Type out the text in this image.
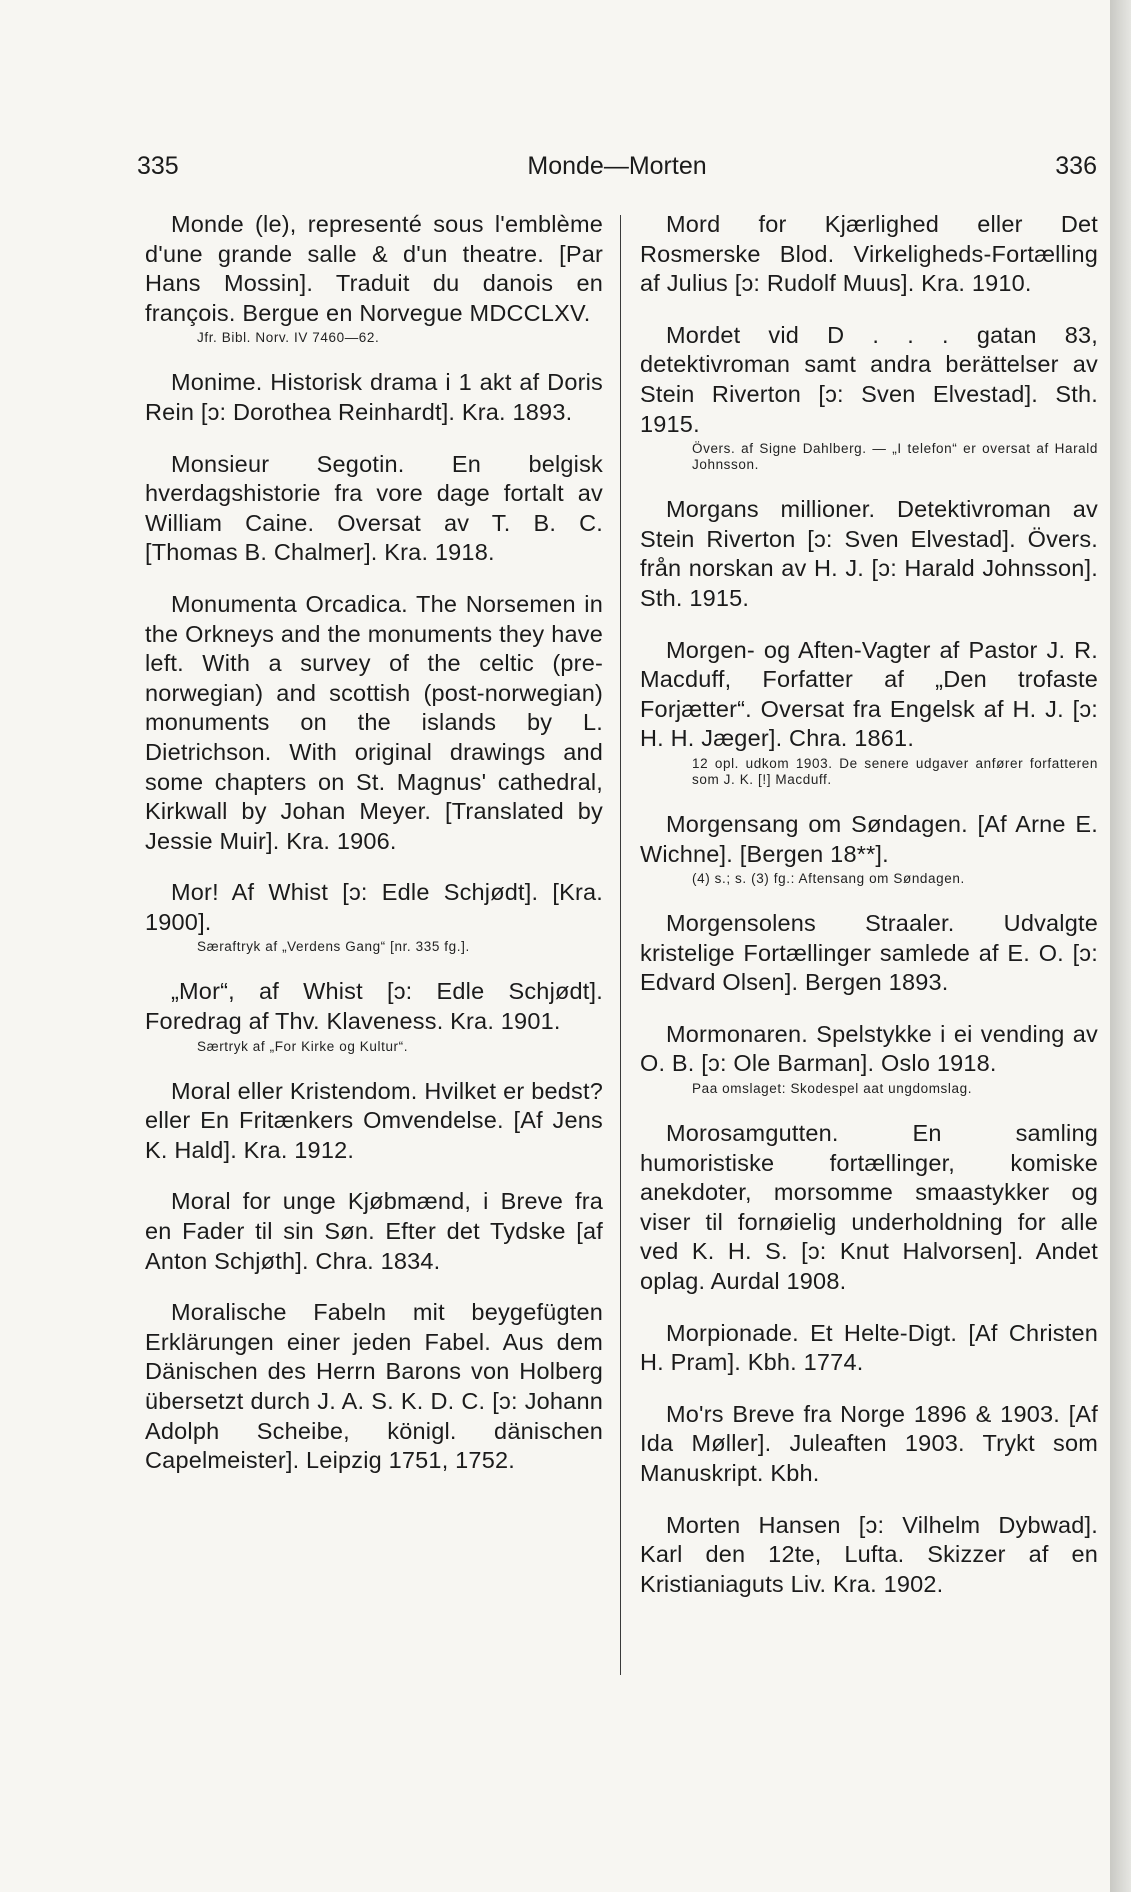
335	Monde—Morten	336

Monde (le), representé sous l'emblème d'une grande salle & d'un theatre. [Par Hans Mossin]. Traduit du danois en françois. Bergue en Norvegue MDCCLXV.
Jfr. Bibl. Norv. IV 7460—62.

Monime. Historisk drama i 1 akt af Doris Rein [ɔ: Dorothea Reinhardt]. Kra. 1893.

Monsieur Segotin. En belgisk hverdagshistorie fra vore dage fortalt av William Caine. Oversat av T. B. C. [Thomas B. Chalmer]. Kra. 1918.

Monumenta Orcadica. The Norsemen in the Orkneys and the monuments they have left. With a survey of the celtic (pre-norwegian) and scottish (post-norwegian) monuments on the islands by L. Dietrichson. With original drawings and some chapters on St. Magnus' cathedral, Kirkwall by Johan Meyer. [Translated by Jessie Muir]. Kra. 1906.

Mor! Af Whist [ɔ: Edle Schjødt]. [Kra. 1900].
Særaftryk af „Verdens Gang“ [nr. 335 fg.].

„Mor“, af Whist [ɔ: Edle Schjødt]. Foredrag af Thv. Klaveness. Kra. 1901.
Særtryk af „For Kirke og Kultur“.

Moral eller Kristendom. Hvilket er bedst? eller En Fritænkers Omvendelse. [Af Jens K. Hald]. Kra. 1912.

Moral for unge Kjøbmænd, i Breve fra en Fader til sin Søn. Efter det Tydske [af Anton Schjøth]. Chra. 1834.

Moralische Fabeln mit beygefügten Erklärungen einer jeden Fabel. Aus dem Dänischen des Herrn Barons von Holberg übersetzt durch J. A. S. K. D. C. [ɔ: Johann Adolph Scheibe, königl. dänischen Capelmeister]. Leipzig 1751, 1752.

Mord for Kjærlighed eller Det Rosmerske Blod. Virkeligheds-Fortælling af Julius [ɔ: Rudolf Muus]. Kra. 1910.

Mordet vid D . . . gatan 83, detektivroman samt andra berättelser av Stein Riverton [ɔ: Sven Elvestad]. Sth. 1915.
Övers. af Signe Dahlberg. — „I telefon“ er oversat af Harald Johnsson.

Morgans millioner. Detektivroman av Stein Riverton [ɔ: Sven Elvestad]. Övers. från norskan av H. J. [ɔ: Harald Johnsson]. Sth. 1915.

Morgen- og Aften-Vagter af Pastor J. R. Macduff, Forfatter af „Den trofaste Forjætter“. Oversat fra Engelsk af H. J. [ɔ: H. H. Jæger]. Chra. 1861.
12 opl. udkom 1903. De senere udgaver anfører forfatteren som J. K. [!] Macduff.

Morgensang om Søndagen. [Af Arne E. Wichne]. [Bergen 18**].
(4) s.; s. (3) fg.: Aftensang om Søndagen.

Morgensolens Straaler. Udvalgte kristelige Fortællinger samlede af E. O. [ɔ: Edvard Olsen]. Bergen 1893.

Mormonaren. Spelstykke i ei vending av O. B. [ɔ: Ole Barman]. Oslo 1918.
Paa omslaget: Skodespel aat ungdomslag.

Morosamgutten. En samling humoristiske fortællinger, komiske anekdoter, morsomme smaastykker og viser til fornøielig underholdning for alle ved K. H. S. [ɔ: Knut Halvorsen]. Andet oplag. Aurdal 1908.

Morpionade. Et Helte-Digt. [Af Christen H. Pram]. Kbh. 1774.

Mo'rs Breve fra Norge 1896 & 1903. [Af Ida Møller]. Juleaften 1903. Trykt som Manuskript. Kbh.

Morten Hansen [ɔ: Vilhelm Dybwad]. Karl den 12te, Lufta. Skizzer af en Kristianiaguts Liv. Kra. 1902.
